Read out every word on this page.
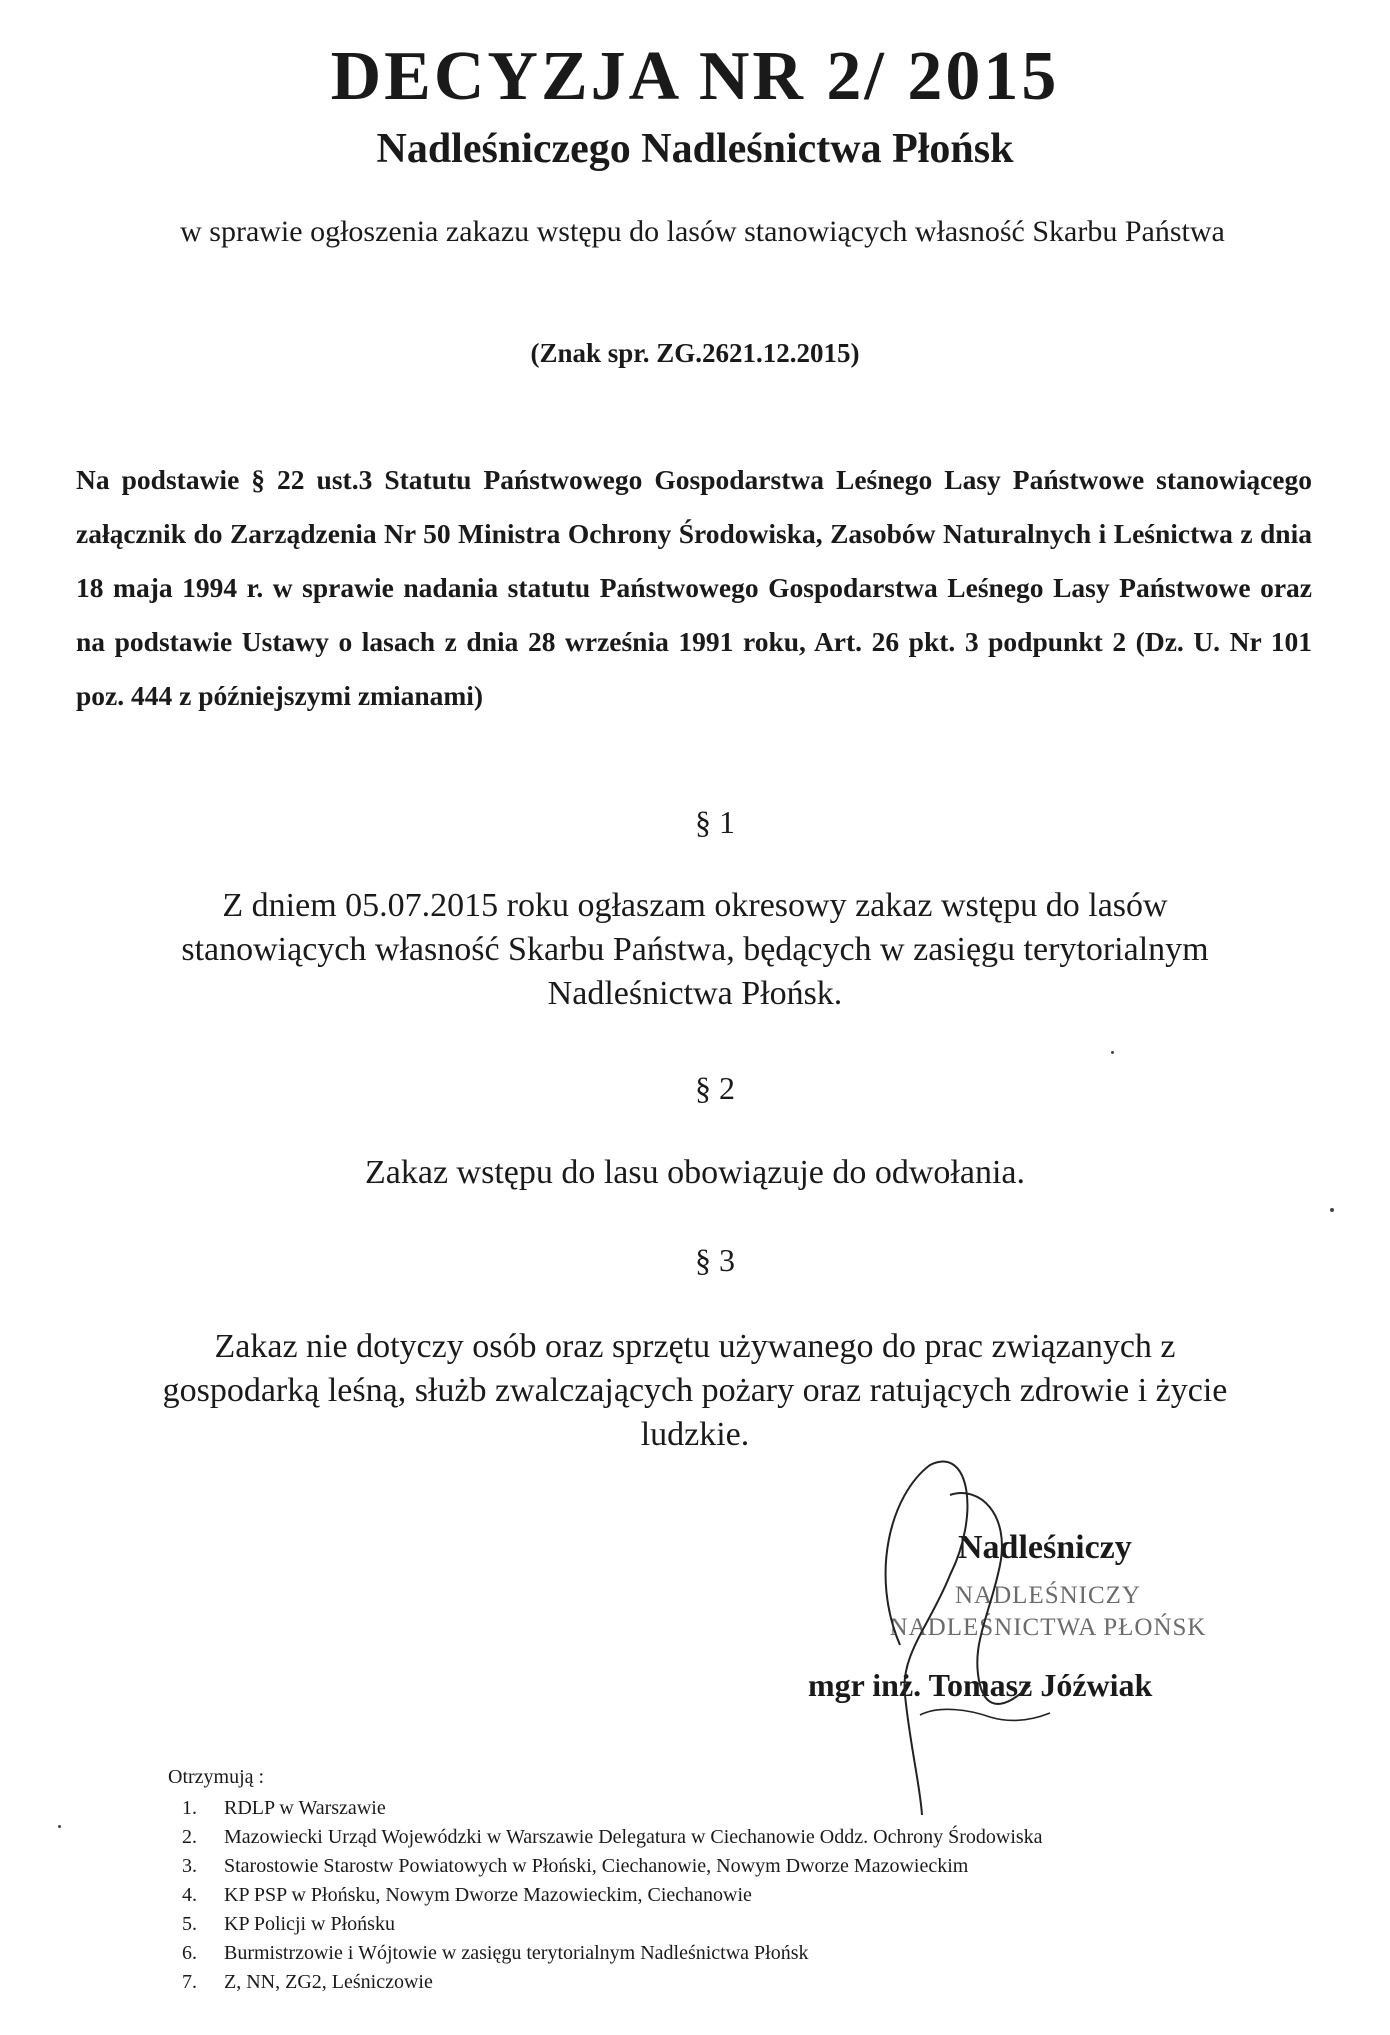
DECYZJA NR 2/ 2015
Nadleśniczego Nadleśnictwa Płońsk
w sprawie ogłoszenia zakazu wstępu do lasów stanowiących własność Skarbu Państwa
(Znak spr. ZG.2621.12.2015)
Na podstawie § 22 ust.3 Statutu Państwowego Gospodarstwa Leśnego Lasy Państwowe stanowiącego załącznik do Zarządzenia Nr 50 Ministra Ochrony Środowiska, Zasobów Naturalnych i Leśnictwa z dnia 18 maja 1994 r. w sprawie nadania statutu Państwowego Gospodarstwa Leśnego Lasy Państwowe oraz na podstawie Ustawy o lasach z dnia 28 września 1991 roku, Art. 26 pkt. 3 podpunkt 2 (Dz. U. Nr 101 poz. 444 z późniejszymi zmianami)
§ 1
Z dniem 05.07.2015 roku ogłaszam okresowy zakaz wstępu do lasów
stanowiących własność Skarbu Państwa, będących w zasięgu terytorialnym
Nadleśnictwa Płońsk.
§ 2
Zakaz wstępu do lasu obowiązuje do odwołania.
§ 3
Zakaz nie dotyczy osób oraz sprzętu używanego do prac związanych z
gospodarką leśną, służb zwalczających pożary oraz ratujących zdrowie i życie
ludzkie.
Nadleśniczy
NADLEŚNICZY
NADLEŚNICTWA PŁOŃSK
mgr inż. Tomasz Jóźwiak
Otrzymują :
1.	RDLP w Warszawie
2.	Mazowiecki Urząd Wojewódzki w Warszawie Delegatura w Ciechanowie Oddz. Ochrony Środowiska
3.	Starostowie Starostw Powiatowych w Płoński, Ciechanowie, Nowym Dworze Mazowieckim
4.	KP PSP w Płońsku, Nowym Dworze Mazowieckim, Ciechanowie
5.	KP Policji w Płońsku
6.	Burmistrzowie i Wójtowie w zasięgu terytorialnym Nadleśnictwa Płońsk
7.	Z, NN, ZG2, Leśniczowie
